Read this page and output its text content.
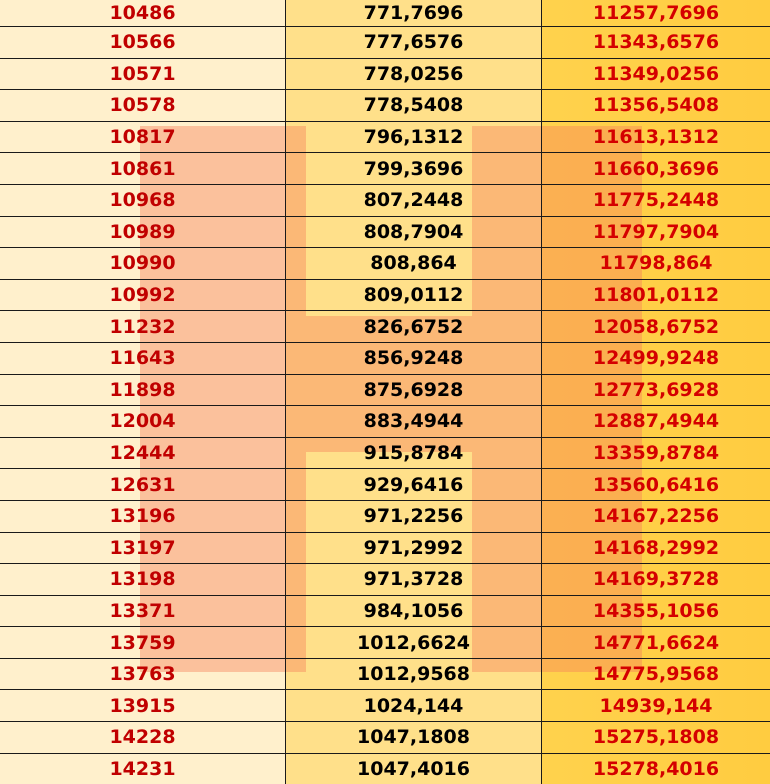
10486	771,7696	11257,7696
10566	777,6576	11343,6576
10571	778,0256	11349,0256
10578	778,5408	11356,5408
10817	796,1312	11613,1312
10861	799,3696	11660,3696
10968	807,2448	11775,2448
10989	808,7904	11797,7904
10990	808,864	11798,864
10992	809,0112	11801,0112
11232	826,6752	12058,6752
11643	856,9248	12499,9248
11898	875,6928	12773,6928
12004	883,4944	12887,4944
12444	915,8784	13359,8784
12631	929,6416	13560,6416
13196	971,2256	14167,2256
13197	971,2992	14168,2992
13198	971,3728	14169,3728
13371	984,1056	14355,1056
13759	1012,6624	14771,6624
13763	1012,9568	14775,9568
13915	1024,144	14939,144
14228	1047,1808	15275,1808
14231	1047,4016	15278,4016
